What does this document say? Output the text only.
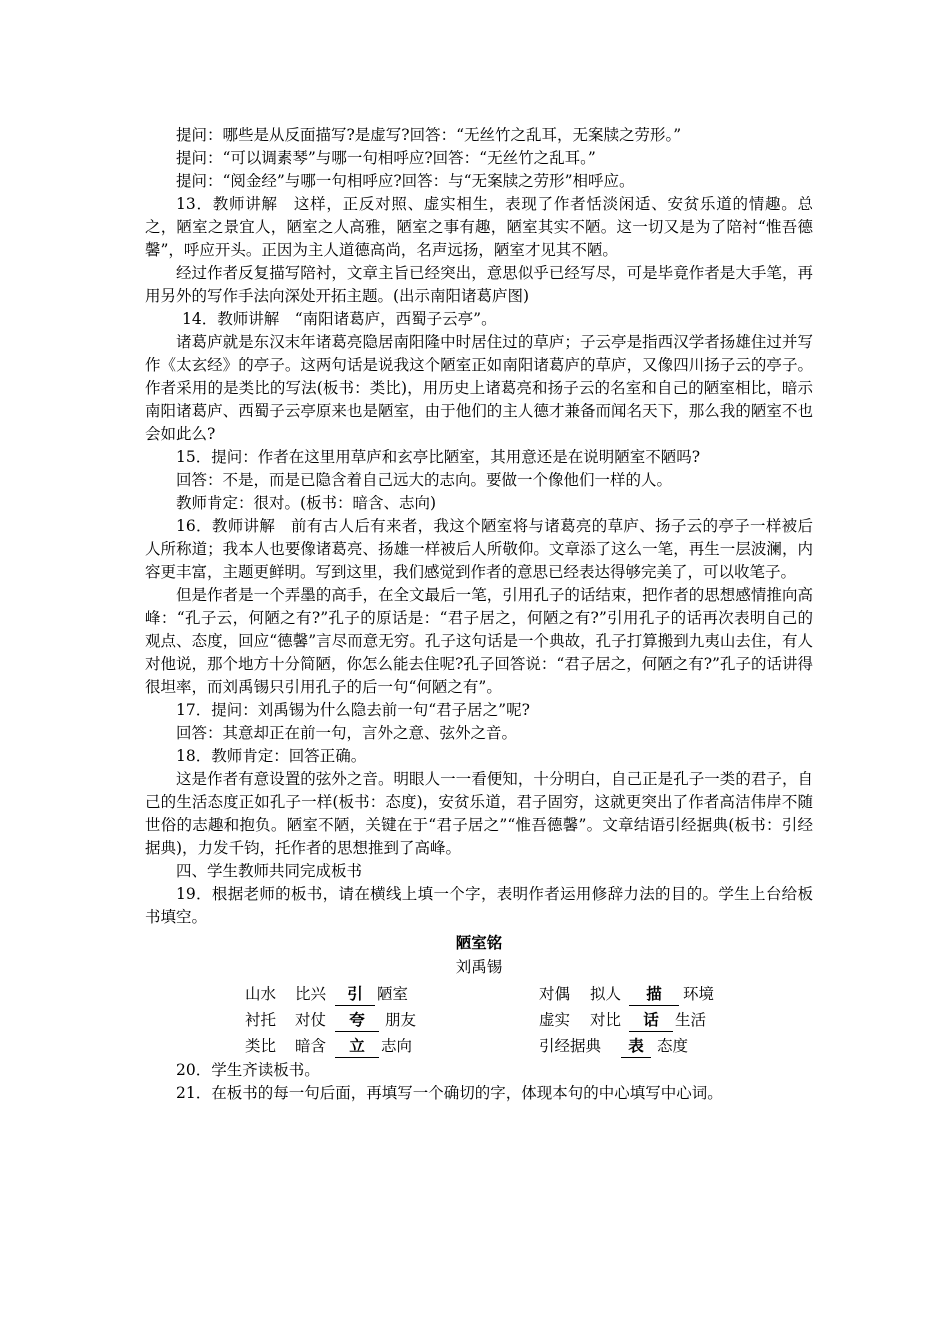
提问：哪些是从反面描写?是虚写?回答：“无丝竹之乱耳，无案牍之劳形。”

提问：“可以调素琴”与哪一句相呼应?回答：“无丝竹之乱耳。”

提问：“阅金经”与哪一句相呼应?回答：与“无案牍之劳形”相呼应。

13．教师讲解　这样，正反对照、虚实相生，表现了作者恬淡闲适、安贫乐道的情趣。总之，陋室之景宜人，陋室之人高雅，陋室之事有趣，陋室其实不陋。这一切又是为了陪衬“惟吾德馨”，呼应开头。正因为主人道德高尚，名声远扬，陋室才见其不陋。

经过作者反复描写陪衬，文章主旨已经突出，意思似乎已经写尽，可是毕竟作者是大手笔，再用另外的写作手法向深处开拓主题。(出示南阳诸葛庐图)

14．教师讲解　“南阳诸葛庐，西蜀子云亭”。

诸葛庐就是东汉末年诸葛亮隐居南阳隆中时居住过的草庐；子云亭是指西汉学者扬雄住过并写作《太玄经》的亭子。这两句话是说我这个陋室正如南阳诸葛庐的草庐，又像四川扬子云的亭子。作者采用的是类比的写法(板书：类比)，用历史上诸葛亮和扬子云的名室和自己的陋室相比，暗示南阳诸葛庐、西蜀子云亭原来也是陋室，由于他们的主人德才兼备而闻名天下，那么我的陋室不也会如此么?

15．提问：作者在这里用草庐和玄亭比陋室，其用意还是在说明陋室不陋吗?

回答：不是，而是已隐含着自己远大的志向。要做一个像他们一样的人。

教师肯定：很对。(板书：暗含、志向)

16．教师讲解　前有古人后有来者，我这个陋室将与诸葛亮的草庐、扬子云的亭子一样被后人所称道；我本人也要像诸葛亮、扬雄一样被后人所敬仰。文章添了这么一笔，再生一层波澜，内容更丰富，主题更鲜明。写到这里，我们感觉到作者的意思已经表达得够完美了，可以收笔子。

但是作者是一个弄墨的高手，在全文最后一笔，引用孔子的话结束，把作者的思想感情推向高峰：“孔子云，何陋之有?”孔子的原话是：“君子居之，何陋之有?”引用孔子的话再次表明自己的观点、态度，回应“德馨”言尽而意无穷。孔子这句话是一个典故，孔子打算搬到九夷山去住，有人对他说，那个地方十分简陋，你怎么能去住呢?孔子回答说：“君子居之，何陋之有?”孔子的话讲得很坦率，而刘禹锡只引用孔子的后一句“何陋之有”。

17．提问：刘禹锡为什么隐去前一句“君子居之”呢?

回答：其意却正在前一句，言外之意、弦外之音。

18．教师肯定：回答正确。

这是作者有意设置的弦外之音。明眼人一一看便知，十分明白，自己正是孔子一类的君子，自己的生活态度正如孔子一样(板书：态度)，安贫乐道，君子固穷，这就更突出了作者高洁伟岸不随世俗的志趣和抱负。陋室不陋，关键在于“君子居之”“惟吾德馨”。文章结语引经据典(板书：引经据典)，力发千钧，托作者的思想推到了高峰。

四、学生教师共同完成板书

19．根据老师的板书，请在横线上填一个字，表明作者运用修辞力法的目的。学生上台给板书填空。

陋室铭
刘禹锡
山水 比兴	引 陋室	对偶 拟人	描	环境
衬托 对仗	夸	朋友	虚实 对比	话	生活
类比 暗含	立	志向	引经据典	表 态度

20．学生齐读板书。

21．在板书的每一句后面，再填写一个确切的字，体现本句的中心填写中心词。
